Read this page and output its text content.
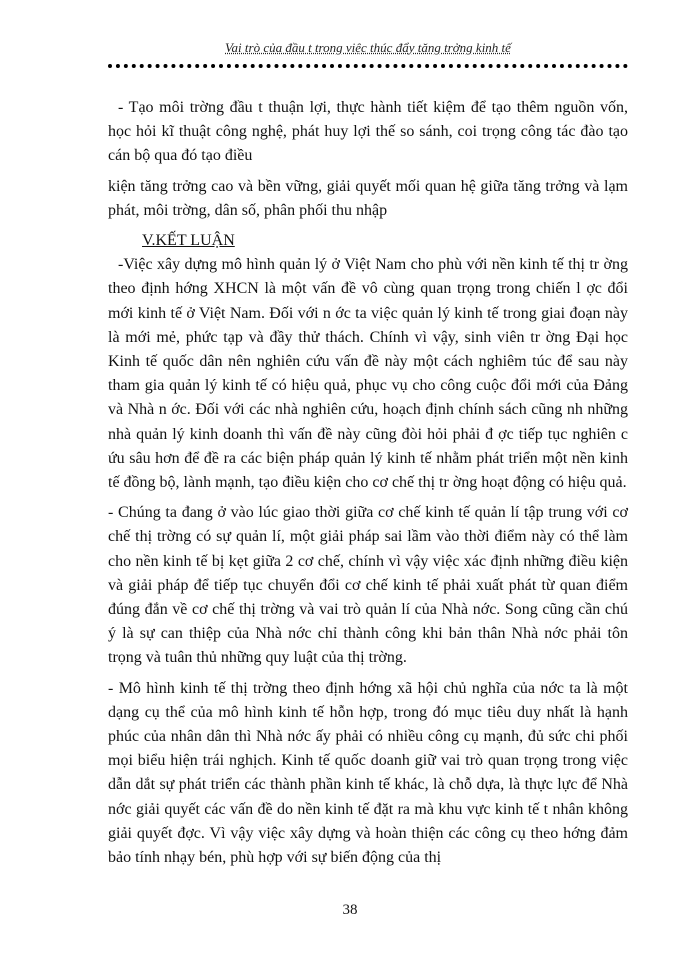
Vai trò của đầu t trong việc thúc đẩy tăng trởng kinh tế

- Tạo môi trờng đầu t thuận lợi, thực hành tiết kiệm để tạo thêm nguồn vốn, học hỏi kĩ thuật công nghệ, phát huy lợi thế so sánh, coi trọng công tác đào tạo cán bộ qua đó tạo điều

kiện tăng trởng cao và bền vững, giải quyết mối quan hệ giữa tăng trởng và lạm phát, môi trờng, dân số, phân phối thu nhập

V.KẾT LUẬN

-Việc xây dựng mô hình quản lý ở Việt Nam cho phù với nền kinh tế thị tr ờng theo định hớng XHCN là một vấn đề vô cùng quan trọng trong chiến l ợc đổi mới kinh tế ở Việt Nam. Đối với n ớc ta việc quản lý kinh tế trong giai đoạn này là mới mẻ, phức tạp và đầy thử thách. Chính vì vậy, sinh viên tr ờng Đại học Kinh tế quốc dân nên nghiên cứu vấn đề này một cách nghiêm túc để sau này tham gia quản lý kinh tế có hiệu quả, phục vụ cho công cuộc đổi mới của Đảng và Nhà n ớc. Đối với các nhà nghiên cứu, hoạch định chính sách cũng nh những nhà quản lý kinh doanh thì vấn đề này cũng đòi hỏi phải đ ợc tiếp tục nghiên c ứu sâu hơn để đề ra các biện pháp quản lý kinh tế nhằm phát triển một nền kinh tế đồng bộ, lành mạnh, tạo điều kiện cho cơ chế thị tr ờng hoạt động có hiệu quả.

- Chúng ta đang ở vào lúc giao thời giữa cơ chế kinh tế quản lí tập trung với cơ chế thị trờng có sự quản lí, một giải pháp sai lầm vào thời điểm này có thể làm cho nền kinh tế bị kẹt giữa 2 cơ chế, chính vì vậy việc xác định những điều kiện và giải pháp để tiếp tục chuyển đổi cơ chế kinh tế phải xuất phát từ quan điểm đúng đắn về cơ chế thị trờng và vai trò quản lí của Nhà nớc. Song cũng cần chú ý là sự can thiệp của Nhà nớc chỉ thành công khi bản thân Nhà nớc phải tôn trọng và tuân thủ những quy luật của thị trờng.

- Mô hình kinh tế thị trờng theo định hớng xã hội chủ nghĩa của nớc ta là một dạng cụ thể của mô hình kinh tế hỗn hợp, trong đó mục tiêu duy nhất là hạnh phúc của nhân dân thì Nhà nớc ấy phải có nhiều công cụ mạnh, đủ sức chi phối mọi biểu hiện trái nghịch. Kinh tế quốc doanh giữ vai trò quan trọng trong việc dẫn dắt sự phát triển các thành phần kinh tế khác, là chỗ dựa, là thực lực để Nhà nớc giải quyết các vấn đề do nền kinh tế đặt ra mà khu vực kinh tế t nhân không giải quyết đợc. Vì vậy việc xây dựng và hoàn thiện các công cụ theo hớng đảm bảo tính nhạy bén, phù hợp với sự biến động của thị

38
